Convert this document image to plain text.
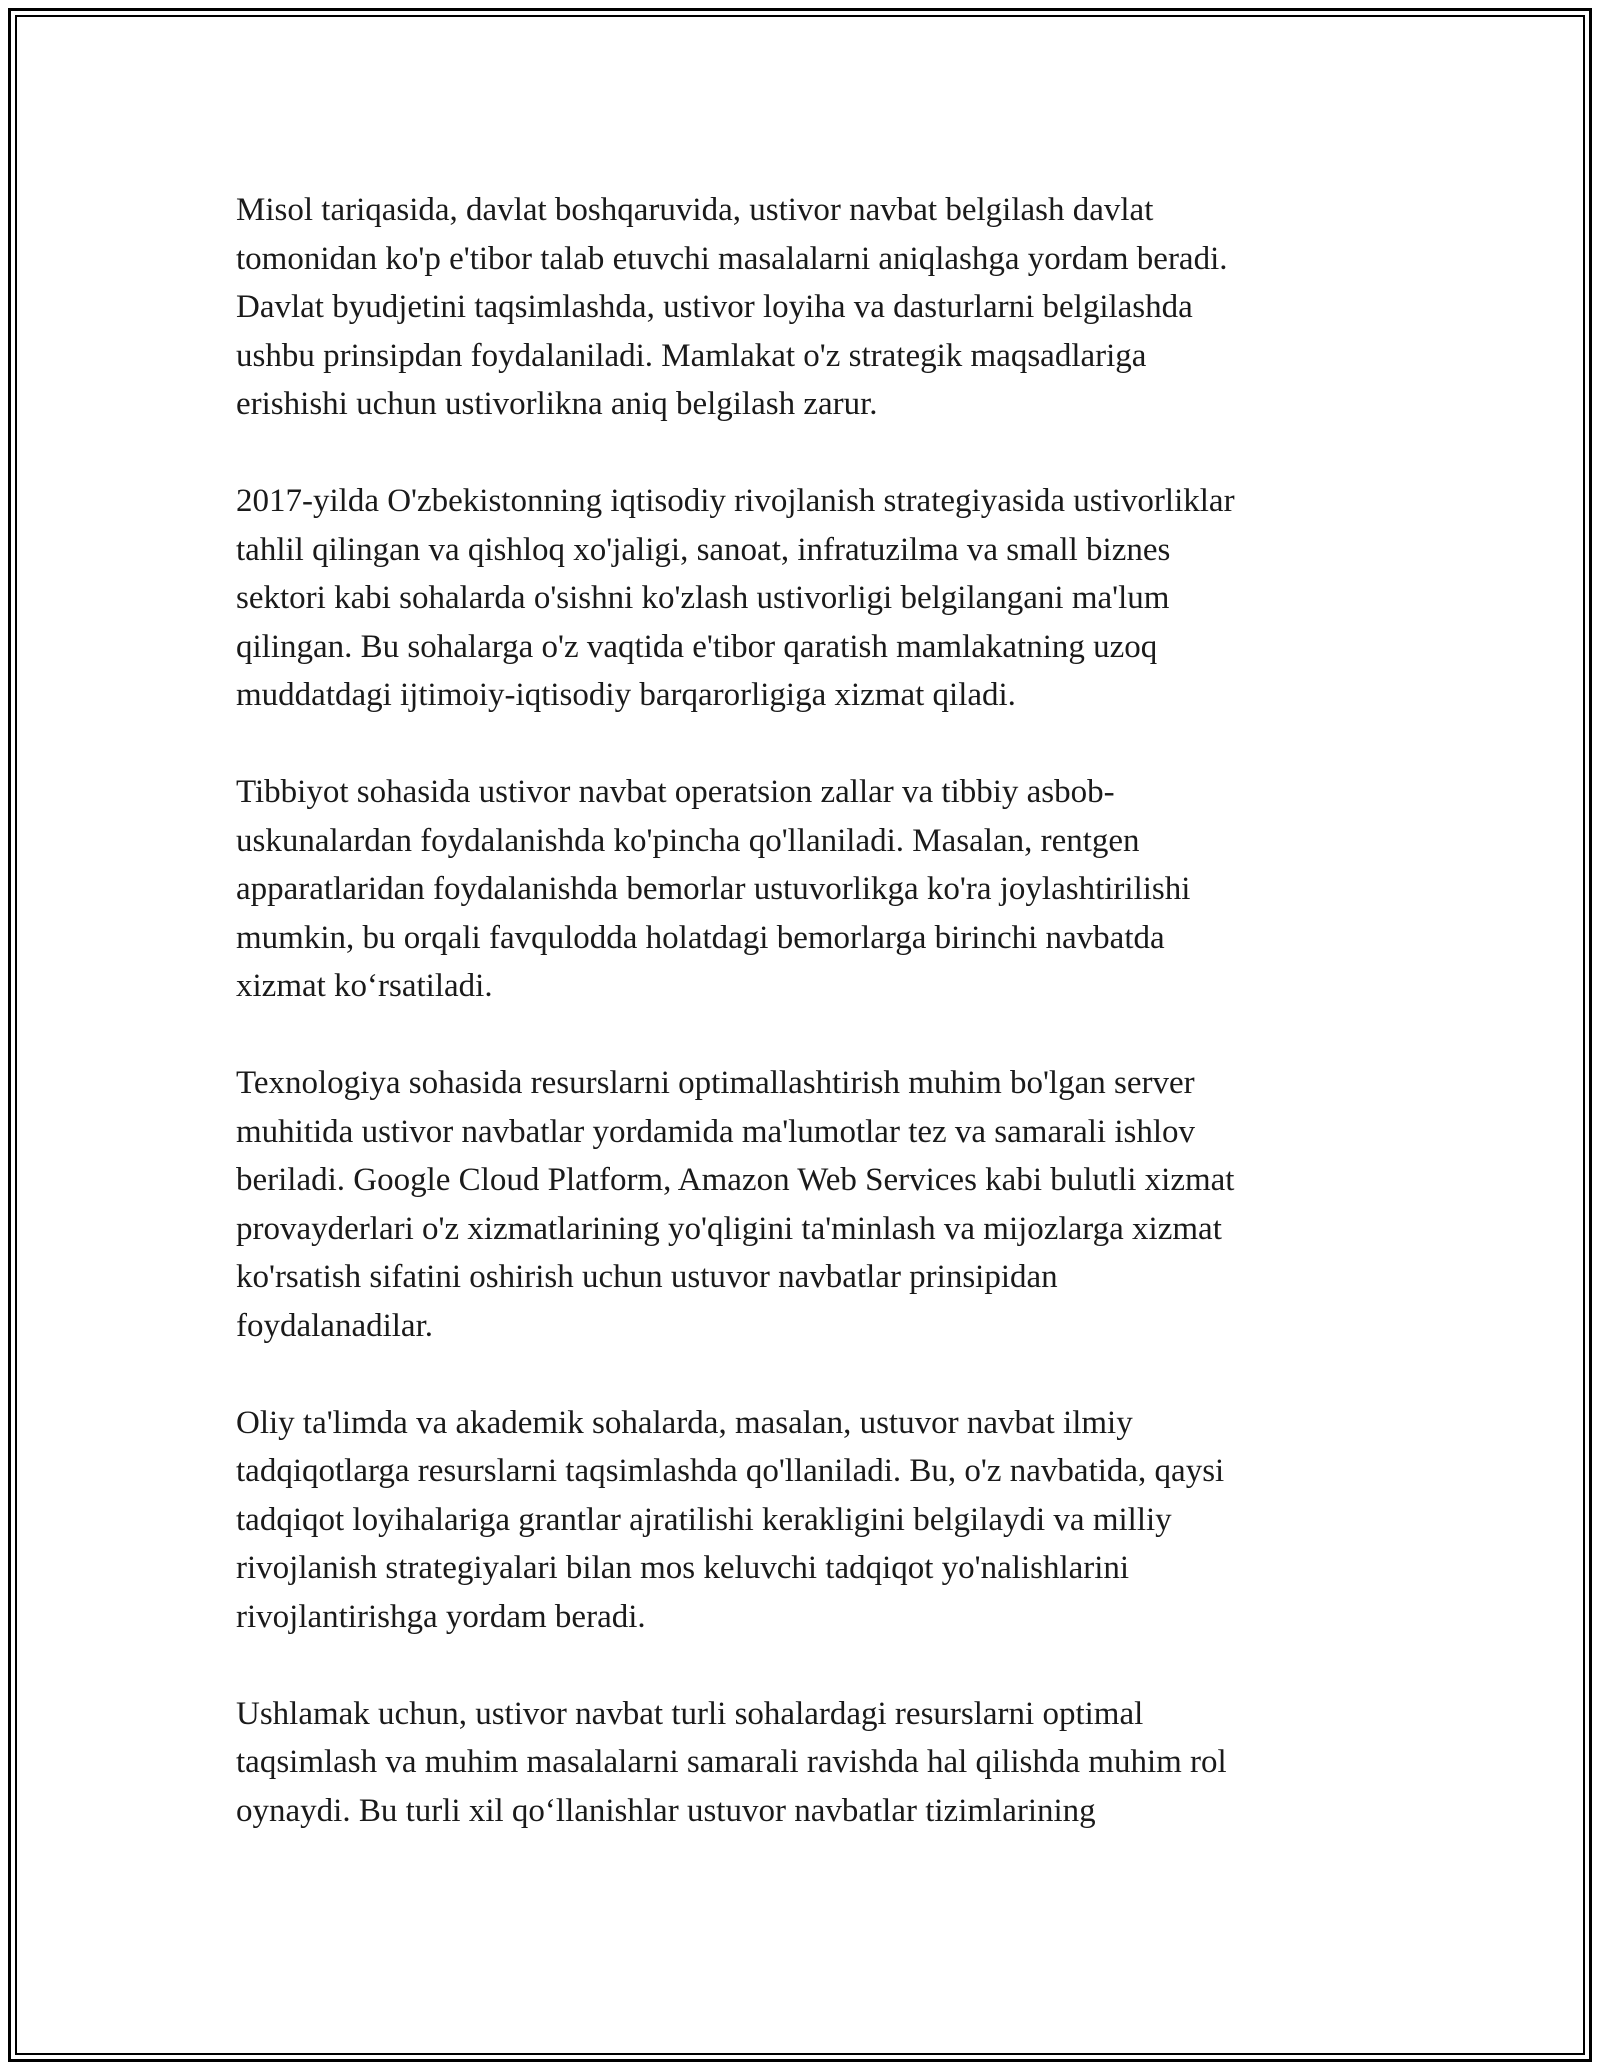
Misol tariqasida, davlat boshqaruvida, ustivor navbat belgilash davlat
tomonidan ko'p e'tibor talab etuvchi masalalarni aniqlashga yordam beradi.
Davlat byudjetini taqsimlashda, ustivor loyiha va dasturlarni belgilashda
ushbu prinsipdan foydalaniladi. Mamlakat o'z strategik maqsadlariga
erishishi uchun ustivorlikna aniq belgilash zarur.

2017-yilda O'zbekistonning iqtisodiy rivojlanish strategiyasida ustivorliklar
tahlil qilingan va qishloq xo'jaligi, sanoat, infratuzilma va small biznes
sektori kabi sohalarda o'sishni ko'zlash ustivorligi belgilangani ma'lum
qilingan. Bu sohalarga o'z vaqtida e'tibor qaratish mamlakatning uzoq
muddatdagi ijtimoiy-iqtisodiy barqarorligiga xizmat qiladi.

Tibbiyot sohasida ustivor navbat operatsion zallar va tibbiy asbob-
uskunalardan foydalanishda ko'pincha qo'llaniladi. Masalan, rentgen
apparatlaridan foydalanishda bemorlar ustuvorlikga ko'ra joylashtirilishi
mumkin, bu orqali favqulodda holatdagi bemorlarga birinchi navbatda
xizmat ko‘rsatiladi.

Texnologiya sohasida resurslarni optimallashtirish muhim bo'lgan server
muhitida ustivor navbatlar yordamida ma'lumotlar tez va samarali ishlov
beriladi. Google Cloud Platform, Amazon Web Services kabi bulutli xizmat
provayderlari o'z xizmatlarining yo'qligini ta'minlash va mijozlarga xizmat
ko'rsatish sifatini oshirish uchun ustuvor navbatlar prinsipidan
foydalanadilar.

Oliy ta'limda va akademik sohalarda, masalan, ustuvor navbat ilmiy
tadqiqotlarga resurslarni taqsimlashda qo'llaniladi. Bu, o'z navbatida, qaysi
tadqiqot loyihalariga grantlar ajratilishi kerakligini belgilaydi va milliy
rivojlanish strategiyalari bilan mos keluvchi tadqiqot yo'nalishlarini
rivojlantirishga yordam beradi.

Ushlamak uchun, ustivor navbat turli sohalardagi resurslarni optimal
taqsimlash va muhim masalalarni samarali ravishda hal qilishda muhim rol
oynaydi. Bu turli xil qo‘llanishlar ustuvor navbatlar tizimlarining
